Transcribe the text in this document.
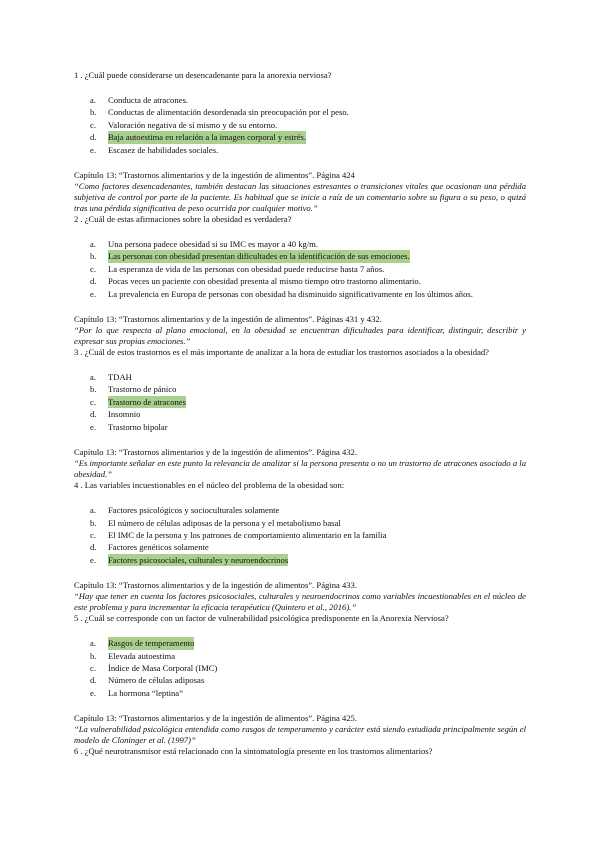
1 . ¿Cuál puede considerarse un desencadenante para la anorexia nerviosa?

a.	Conducta de atracones.
b.	Conductas de alimentación desordenada sin preocupación por el peso.
c.	Valoración negativa de sí mismo y de su entorno.
d.	Baja autoestima en relación a la imagen corporal y estrés.
e.	Escasez de habilidades sociales.

Capítulo 13: “Trastornos alimentarios y de la ingestión de alimentos”. Página 424

“Como factores desencadenantes, también destacan las situaciones estresantes o transiciones vitales que ocasionan una pérdida subjetiva de control por parte de la paciente. Es habitual que se inicie a raíz de un comentario sobre su figura o su peso, o quizá tras una pérdida significativa de peso ocurrida por cualquier motivo.”

2 . ¿Cuál de estas afirmaciones sobre la obesidad es verdadera?

a.	Una persona padece obesidad si su IMC es mayor a 40 kg/m.
b.	Las personas con obesidad presentan dificultades en la identificación de sus emociones.
c.	La esperanza de vida de las personas con obesidad puede reducirse hasta 7 años.
d.	Pocas veces un paciente con obesidad presenta al mismo tiempo otro trastorno alimentario.
e.	La prevalencia en Europa de personas con obesidad ha disminuido significativamente en los últimos años.

Capítulo 13: “Trastornos alimentarios y de la ingestión de alimentos”. Páginas 431 y 432.

“Por lo que respecta al plano emocional, en la obesidad se encuentran dificultades para identificar, distinguir, describir y expresar sus propias emociones.”

3 . ¿Cuál de estos trastornos es el más importante de analizar a la hora de estudiar los trastornos asociados a la obesidad?

a.	TDAH
b.	Trastorno de pánico
c.	Trastorno de atracones
d.	Insomnio
e.	Trastorno bipolar

Capítulo 13: “Trastornos alimentarios y de la ingestión de alimentos”. Página 432.

“Es importante señalar en este punto la relevancia de analizar si la persona presenta o no un trastorno de atracones asociado a la obesidad.”

4 . Las variables incuestionables en el núcleo del problema de la obesidad son:

a.	Factores psicológicos y socioculturales solamente
b.	El número de células adiposas de la persona y el metabolismo basal
c.	El IMC de la persona y los patrones de comportamiento alimentario en la familia
d.	Factores genéticos solamente
e.	Factores psicosociales, culturales y neuroendocrinos

Capítulo 13: “Trastornos alimentarios y de la ingestión de alimentos”. Página 433.

“Hay que tener en cuenta los factores psicosociales, culturales y neuroendocrinos como variables incuestionables en el núcleo de este problema y para incrementar la eficacia terapéutica (Quintero et al., 2016).”

5 . ¿Cuál se corresponde con un factor de vulnerabilidad psicológica predisponente en la Anorexia Nerviosa?

a.	Rasgos de temperamento
b.	Elevada autoestima
c.	Índice de Masa Corporal (IMC)
d.	Número de células adiposas
e.	La hormona “leptina”

Capítulo 13: “Trastornos alimentarios y de la ingestión de alimentos”. Página 425.

“La vulnerabilidad psicológica entendida como rasgos de temperamento y carácter está siendo estudiada principalmente según el modelo de Cloninger et al. (1997)”

6 . ¿Qué neurotransmisor está relacionado con la sintomatología presente en los trastornos alimentarios?
